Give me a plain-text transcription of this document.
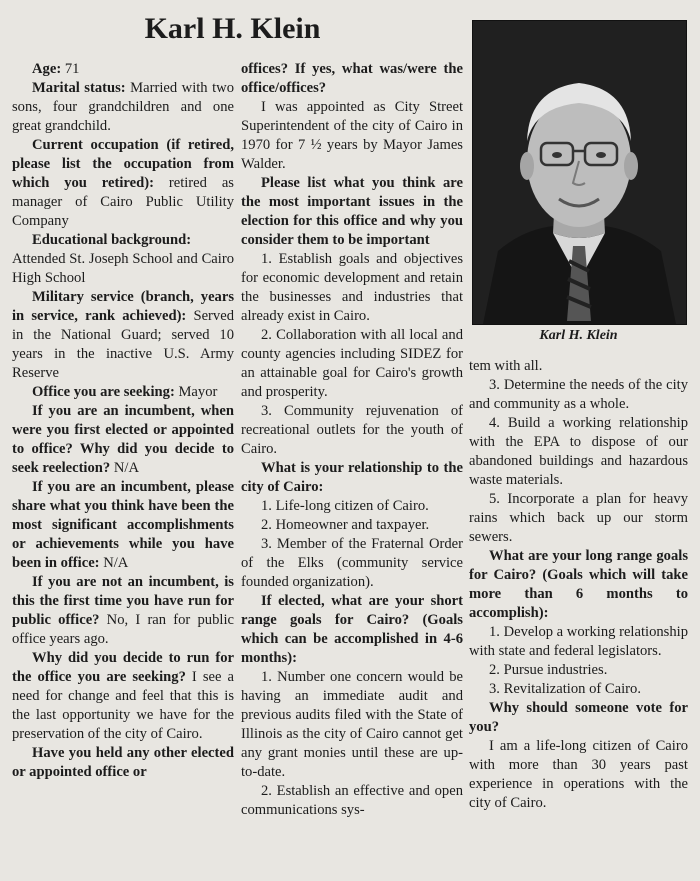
Karl H. Klein
Karl H. Klein

Age: 71

Marital status: Married with two sons, four grandchildren and one great grandchild.

Current occupation (if retired, please list the occupation from which you retired): retired as manager of Cairo Public Utility Company

Educational background:
Attended St. Joseph School and Cairo High School

Military service (branch, years in service, rank achieved): Served in the National Guard; served 10 years in the inactive U.S. Army Reserve

Office you are seeking: Mayor

If you are an incumbent, when were you first elected or appointed to office? Why did you decide to seek reelection? N/A

If you are an incumbent, please share what you think have been the most significant accomplishments or achievements while you have been in office: N/A

If you are not an incumbent, is this the first time you have run for public office? No, I ran for public office years ago.

Why did you decide to run for the office you are seeking? I see a need for change and feel that this is the last opportunity we have for the preservation of the city of Cairo.

Have you held any other elected or appointed office or

offices? If yes, what was/were the office/offices?

I was appointed as City Street Superintendent of the city of Cairo in 1970 for 7 ½ years by Mayor James Walder.

Please list what you think are the most important issues in the election for this office and why you consider them to be important

1. Establish goals and objectives for economic development and retain the businesses and industries that already exist in Cairo.

2. Collaboration with all local and county agencies including SIDEZ for an attainable goal for Cairo's growth and prosperity.

3. Community rejuvenation of recreational outlets for the youth of Cairo.

What is your relationship to the city of Cairo:

1. Life-long citizen of Cairo.

2. Homeowner and taxpayer.

3. Member of the Fraternal Order of the Elks (community service founded organization).

If elected, what are your short range goals for Cairo? (Goals which can be accomplished in 4-6 months):

1. Number one concern would be having an immediate audit and previous audits filed with the State of Illinois as the city of Cairo cannot get any grant monies until these are up-to-date.

2. Establish an effective and open communications sys-

tem with all.

3. Determine the needs of the city and community as a whole.

4. Build a working relationship with the EPA to dispose of our abandoned buildings and hazardous waste materials.

5. Incorporate a plan for heavy rains which back up our storm sewers.

What are your long range goals for Cairo? (Goals which will take more than 6 months to accomplish):

1. Develop a working relationship with state and federal legislators.

2. Pursue industries.

3. Revitalization of Cairo.

Why should someone vote for you?

I am a life-long citizen of Cairo with more than 30 years past experience in operations with the city of Cairo.
